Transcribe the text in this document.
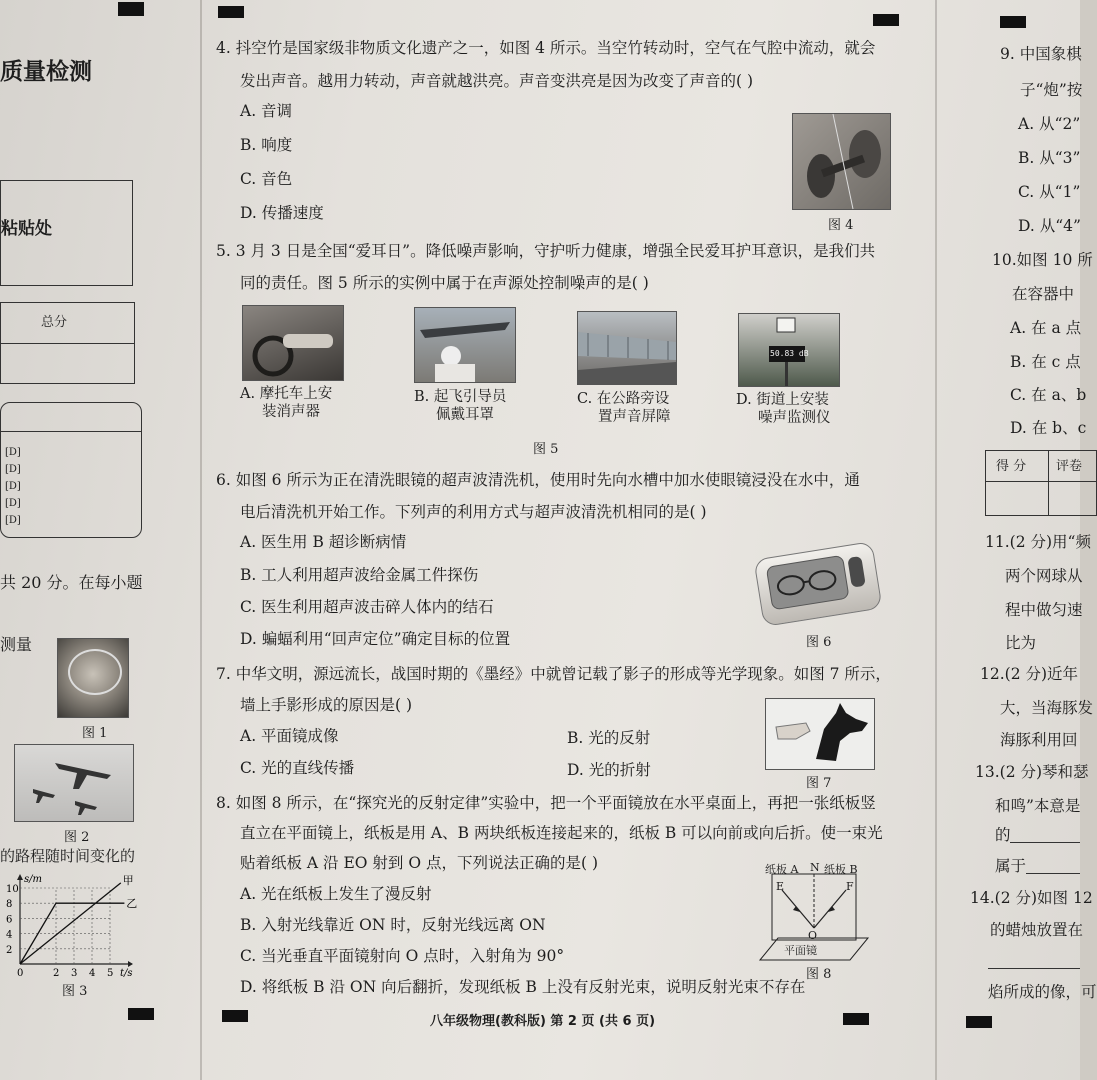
质量检测
粘贴处
总分
[D]
[D]
[D]
[D]
[D]
共 20 分。在每小题
测量
图 1
图 2
的路程随时间变化的
甲
乙
s/m
t/s
10
8
6
4
2
0	2 3 4 5
图 3
4. 抖空竹是国家级非物质文化遗产之一，如图 4 所示。当空竹转动时，空气在气腔中流动，就会
发出声音。越用力转动，声音就越洪亮。声音变洪亮是因为改变了声音的( )
A. 音调
B. 响度
C. 音色
D. 传播速度
图 4
5. 3 月 3 日是全国“爱耳日”。降低噪声影响，守护听力健康，增强全民爱耳护耳意识，是我们共
同的责任。图 5 所示的实例中属于在声源处控制噪声的是( )
50.83 dB
A. 摩托车上安
装消声器
B. 起飞引导员
佩戴耳罩
C. 在公路旁设
置声音屏障
D. 街道上安装
噪声监测仪
图 5
6. 如图 6 所示为正在清洗眼镜的超声波清洗机，使用时先向水槽中加水使眼镜浸没在水中，通
电后清洗机开始工作。下列声的利用方式与超声波清洗机相同的是( )
A. 医生用 B 超诊断病情
B. 工人利用超声波给金属工件探伤
C. 医生利用超声波击碎人体内的结石
D. 蝙蝠利用“回声定位”确定目标的位置	图 6
7. 中华文明，源远流长，战国时期的《墨经》中就曾记载了影子的形成等光学现象。如图 7 所示，
墙上手影形成的原因是( )
A. 平面镜成像	B. 光的反射
C. 光的直线传播	D. 光的折射
图 7
8. 如图 8 所示，在“探究光的反射定律”实验中，把一个平面镜放在水平桌面上，再把一张纸板竖
直立在平面镜上，纸板是用 A、B 两块纸板连接起来的，纸板 B 可以向前或向后折。使一束光
贴着纸板 A 沿 EO 射到 O 点，下列说法正确的是( )
A. 光在纸板上发生了漫反射
B. 入射光线靠近 ON 时，反射光线远离 ON
C. 当光垂直平面镜射向 O 点时，入射角为 90°
D. 将纸板 B 沿 ON 向后翻折，发现纸板 B 上没有反射光束，说明反射光束不存在
纸板 A N 纸板 B
E	F
O
平面镜
图 8
八年级物理(教科版) 第 2 页 (共 6 页)
9. 中国象棋
子“炮”按
A. 从“2”
B. 从“3”
C. 从“1”
D. 从“4”
10.如图 10 所
在容器中
A. 在 a 点
B. 在 c 点
C. 在 a、b
D. 在 b、c
得 分 评卷
11.(2 分)用“频
两个网球从
程中做匀速
比为
12.(2 分)近年
大，当海豚发
海豚利用回
13.(2 分)琴和瑟
和鸣”本意是
的
属于
14.(2 分)如图 12
的蜡烛放置在
焰所成的像，可
